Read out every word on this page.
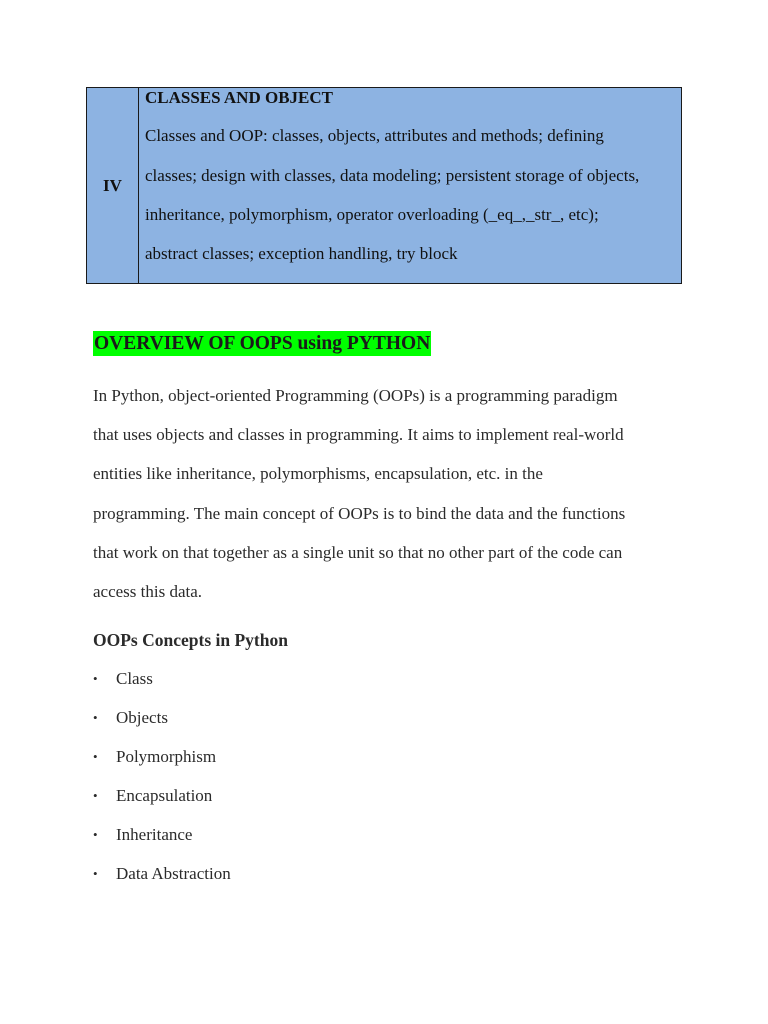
IV
CLASSES AND OBJECT
Classes and OOP: classes, objects, attributes and methods; defining
classes; design with classes, data modeling; persistent storage of objects,
inheritance, polymorphism, operator overloading (_eq_,_str_, etc);
abstract classes; exception handling, try block
OVERVIEW OF OOPS using PYTHON
In Python, object-oriented Programming (OOPs) is a programming paradigm
that uses objects and classes in programming. It aims to implement real-world
entities like inheritance, polymorphisms, encapsulation, etc. in the
programming. The main concept of OOPs is to bind the data and the functions
that work on that together as a single unit so that no other part of the code can
access this data.
OOPs Concepts in Python
• Class
• Objects
• Polymorphism
• Encapsulation
• Inheritance
• Data Abstraction
